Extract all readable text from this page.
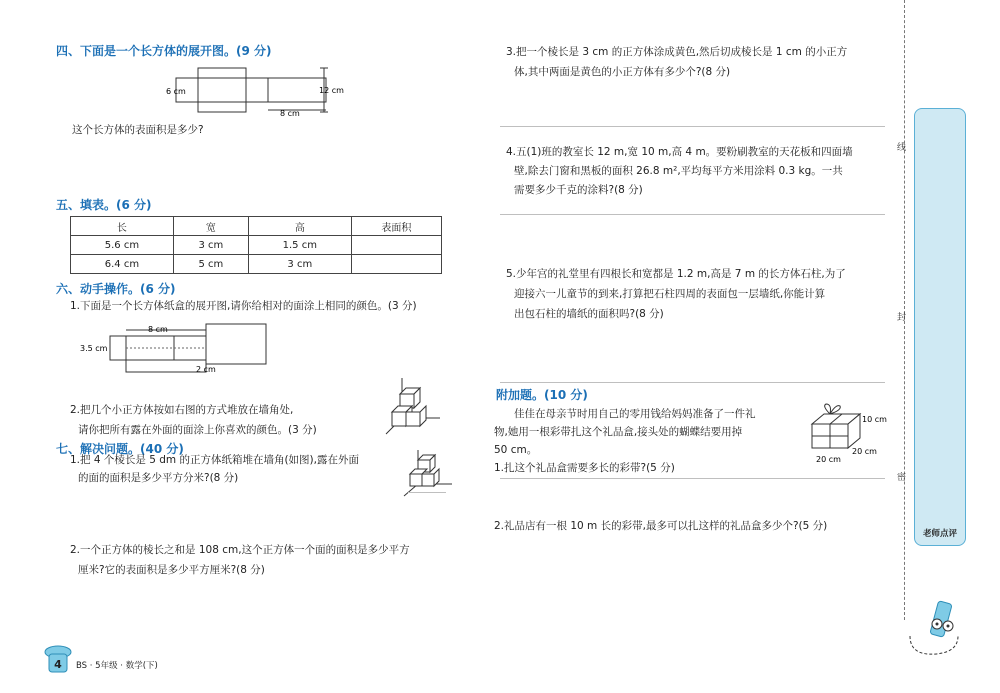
四、下面是一个长方体的展开图。(9 分)
6 cm
8 cm
12 cm
这个长方体的表面积是多少?
五、填表。(6 分)
长	宽	高	表面积
5.6 cm	3 cm	1.5 cm	
6.4 cm	5 cm	3 cm	
六、动手操作。(6 分)
1.下面是一个长方体纸盒的展开图,请你给相对的面涂上相同的颜色。(3 分)
8 cm
3.5 cm
2 cm
2.把几个小正方体按如右图的方式堆放在墙角处,
请你把所有露在外面的面涂上你喜欢的颜色。(3 分)
七、解决问题。(40 分)
1.把 4 个棱长是 5 dm 的正方体纸箱堆在墙角(如图),露在外面
的面的面积是多少平方分米?(8 分)
2.一个正方体的棱长之和是 108 cm,这个正方体一个面的面积是多少平方
厘米?它的表面积是多少平方厘米?(8 分)
4 BS · 5年级 · 数学(下)
3.把一个棱长是 3 cm 的正方体涂成黄色,然后切成棱长是 1 cm 的小正方
体,其中两面是黄色的小正方体有多少个?(8 分)
4.五(1)班的教室长 12 m,宽 10 m,高 4 m。要粉刷教室的天花板和四面墙
壁,除去门窗和黑板的面积 26.8 m²,平均每平方米用涂料 0.3 kg。一共
需要多少千克的涂料?(8 分)
5.少年宫的礼堂里有四根长和宽都是 1.2 m,高是 7 m 的长方体石柱,为了
迎接六一儿童节的到来,打算把石柱四周的表面包一层墙纸,你能计算
出包石柱的墙纸的面积吗?(8 分)
附加题。(10 分)
佳佳在母亲节时用自己的零用钱给妈妈准备了一件礼
物,她用一根彩带扎这个礼品盒,接头处的蝴蝶结要用掉
50 cm。
1.扎这个礼品盒需要多长的彩带?(5 分)
10 cm
20 cm
20 cm
2.礼品店有一根 10 m 长的彩带,最多可以扎这样的礼品盒多少个?(5 分)
线
封
密
老师点评
